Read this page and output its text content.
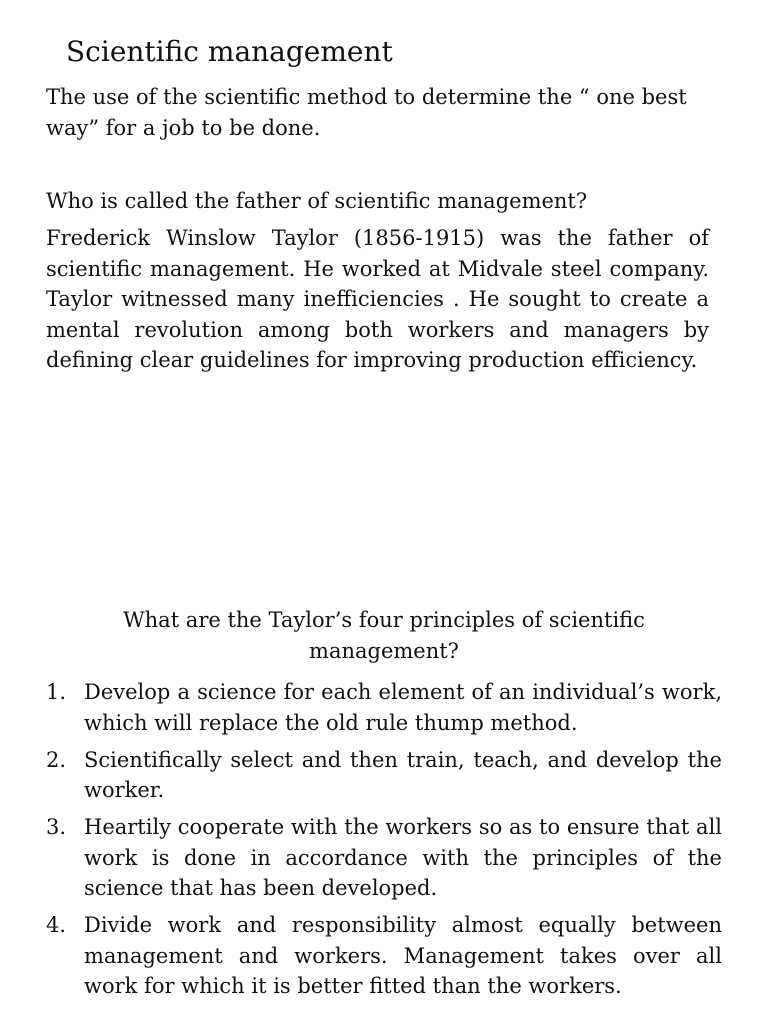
Scientific management

The use of the scientific method to determine the “ one best way” for a job to be done.

Who is called the father of scientific management?

Frederick Winslow Taylor (1856-1915) was the father of scientific management. He worked at Midvale steel company. Taylor witnessed many inefficiencies . He sought to create a mental revolution among both workers and managers by defining clear guidelines for improving production efficiency.

What are the Taylor’s four principles of scientific management?
1. Develop a science for each element of an individual’s work, which will replace the old rule thump method.
2. Scientifically select and then train, teach, and develop the worker.
3. Heartily cooperate with the workers so as to ensure that all work is done in accordance with the principles of the science that has been developed.
4. Divide work and responsibility almost equally between management and workers. Management takes over all work for which it is better fitted than the workers.
